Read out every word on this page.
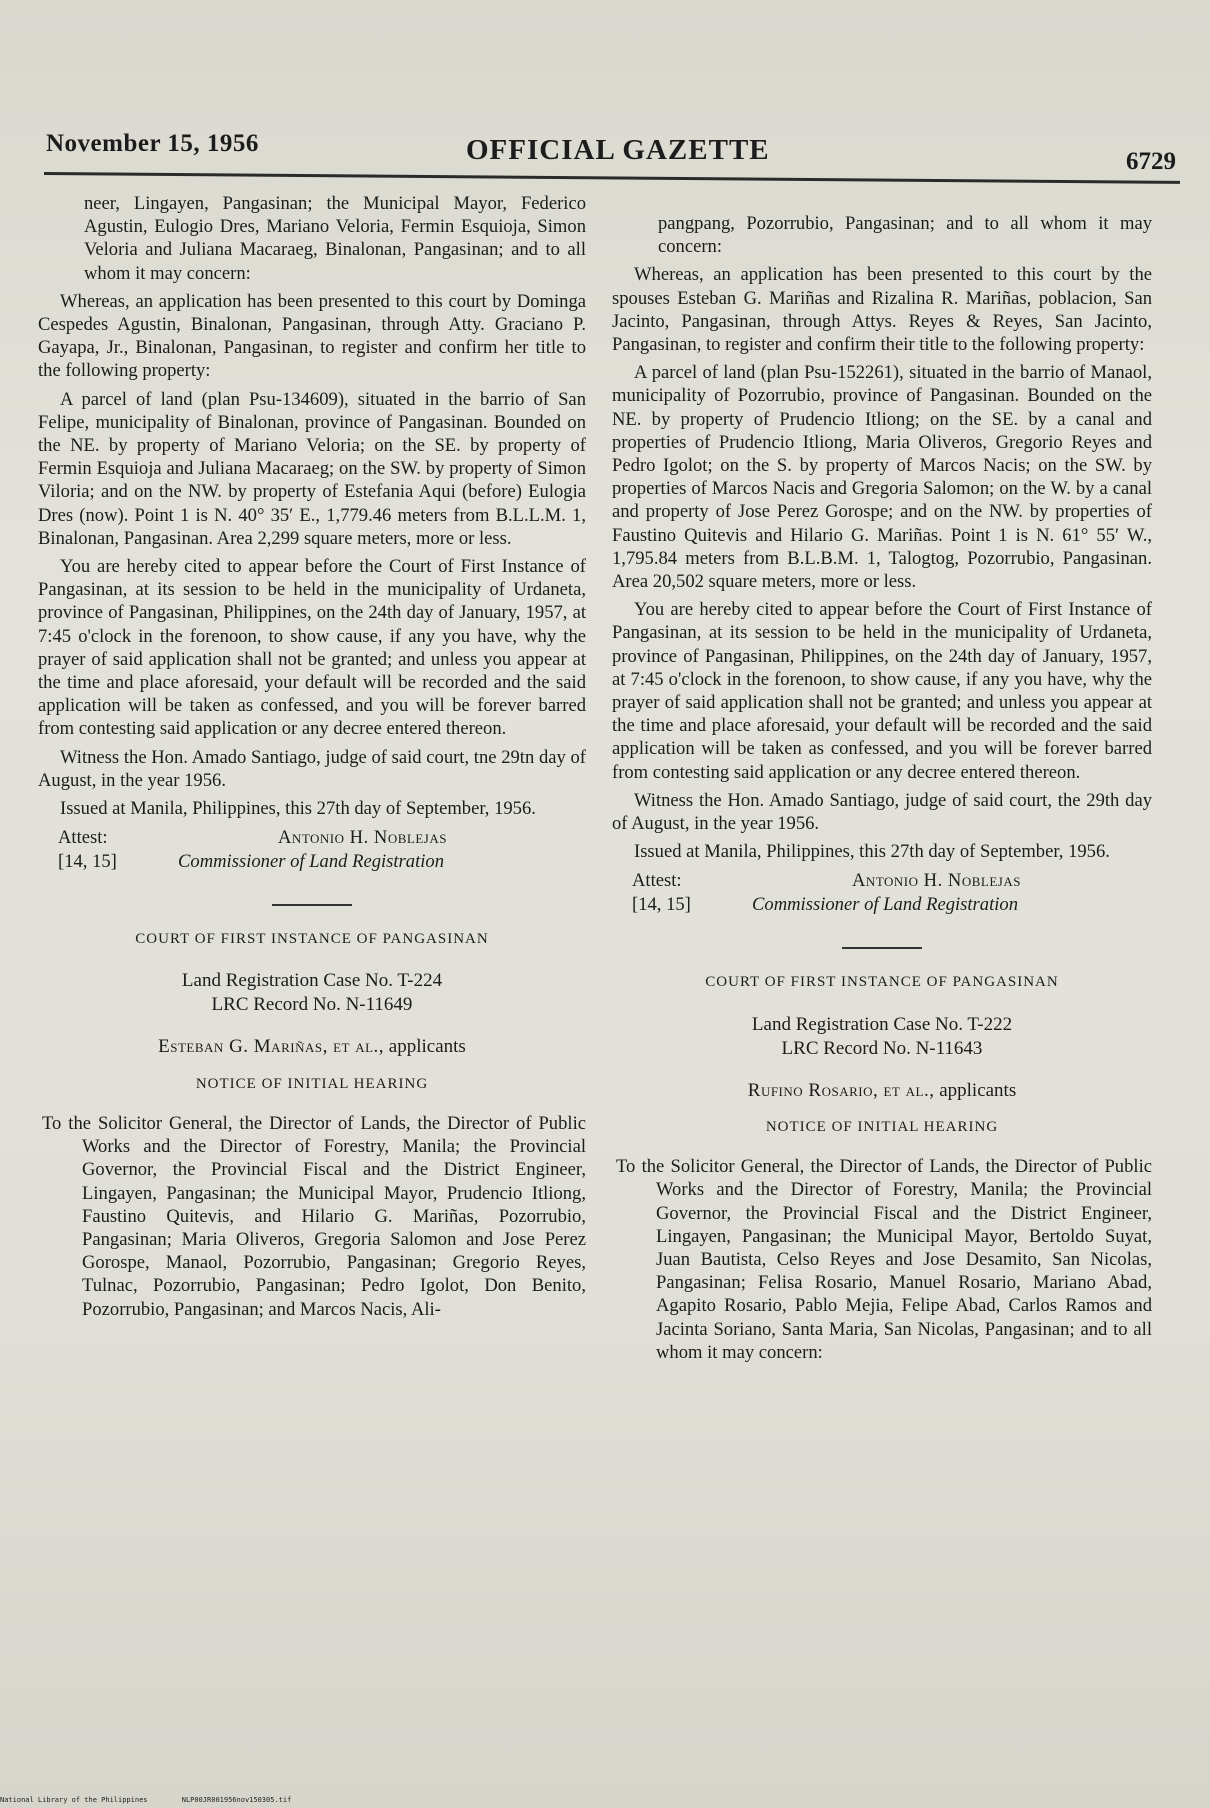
November 15, 1956	OFFICIAL GAZETTE	6729

neer, Lingayen, Pangasinan; the Municipal Mayor, Federico Agustin, Eulogio Dres, Mariano Veloria, Fermin Esquioja, Simon Veloria and Juliana Macaraeg, Binalonan, Pangasinan; and to all whom it may concern:

Whereas, an application has been presented to this court by Dominga Cespedes Agustin, Binalonan, Pangasinan, through Atty. Graciano P. Gayapa, Jr., Binalonan, Pangasinan, to register and confirm her title to the following property:

A parcel of land (plan Psu-134609), situated in the barrio of San Felipe, municipality of Binalonan, province of Pangasinan. Bounded on the NE. by property of Mariano Veloria; on the SE. by property of Fermin Esquioja and Juliana Macaraeg; on the SW. by property of Simon Viloria; and on the NW. by property of Estefania Aqui (before) Eulogia Dres (now). Point 1 is N. 40° 35′ E., 1,779.46 meters from B.L.L.M. 1, Binalonan, Pangasinan. Area 2,299 square meters, more or less.

You are hereby cited to appear before the Court of First Instance of Pangasinan, at its session to be held in the municipality of Urdaneta, province of Pangasinan, Philippines, on the 24th day of January, 1957, at 7:45 o'clock in the forenoon, to show cause, if any you have, why the prayer of said application shall not be granted; and unless you appear at the time and place aforesaid, your default will be recorded and the said application will be taken as confessed, and you will be forever barred from contesting said application or any decree entered thereon.

Witness the Hon. Amado Santiago, judge of said court, tne 29tn day of August, in the year 1956.

Issued at Manila, Philippines, this 27th day of September, 1956.

Attest:
[14, 15]
Antonio H. Noblejas
Commissioner of Land Registration
COURT OF FIRST INSTANCE OF PANGASINAN
Land Registration Case No. T-224
LRC Record No. N-11649
Esteban G. Mariñas, et al., applicants
NOTICE OF INITIAL HEARING

To the Solicitor General, the Director of Lands, the Director of Public Works and the Director of Forestry, Manila; the Provincial Governor, the Provincial Fiscal and the District Engineer, Lingayen, Pangasinan; the Municipal Mayor, Prudencio Itliong, Faustino Quitevis, and Hilario G. Mariñas, Pozorrubio, Pangasinan; Maria Oliveros, Gregoria Salomon and Jose Perez Gorospe, Manaol, Pozorrubio, Pangasinan; Gregorio Reyes, Tulnac, Pozorrubio, Pangasinan; Pedro Igolot, Don Benito, Pozorrubio, Pangasinan; and Marcos Nacis, Ali-

pangpang, Pozorrubio, Pangasinan; and to all whom it may concern:

Whereas, an application has been presented to this court by the spouses Esteban G. Mariñas and Rizalina R. Mariñas, poblacion, San Jacinto, Pangasinan, through Attys. Reyes & Reyes, San Jacinto, Pangasinan, to register and confirm their title to the following property:

A parcel of land (plan Psu-152261), situated in the barrio of Manaol, municipality of Pozorrubio, province of Pangasinan. Bounded on the NE. by property of Prudencio Itliong; on the SE. by a canal and properties of Prudencio Itliong, Maria Oliveros, Gregorio Reyes and Pedro Igolot; on the S. by property of Marcos Nacis; on the SW. by properties of Marcos Nacis and Gregoria Salomon; on the W. by a canal and property of Jose Perez Gorospe; and on the NW. by properties of Faustino Quitevis and Hilario G. Mariñas. Point 1 is N. 61° 55′ W., 1,795.84 meters from B.L.B.M. 1, Talogtog, Pozorrubio, Pangasinan. Area 20,502 square meters, more or less.

You are hereby cited to appear before the Court of First Instance of Pangasinan, at its session to be held in the municipality of Urdaneta, province of Pangasinan, Philippines, on the 24th day of January, 1957, at 7:45 o'clock in the forenoon, to show cause, if any you have, why the prayer of said application shall not be granted; and unless you appear at the time and place aforesaid, your default will be recorded and the said application will be taken as confessed, and you will be forever barred from contesting said application or any decree entered thereon.

Witness the Hon. Amado Santiago, judge of said court, the 29th day of August, in the year 1956.

Issued at Manila, Philippines, this 27th day of September, 1956.

Attest:
[14, 15]
Antonio H. Noblejas
Commissioner of Land Registration
COURT OF FIRST INSTANCE OF PANGASINAN
Land Registration Case No. T-222
LRC Record No. N-11643
Rufino Rosario, et al., applicants
NOTICE OF INITIAL HEARING

To the Solicitor General, the Director of Lands, the Director of Public Works and the Director of Forestry, Manila; the Provincial Governor, the Provincial Fiscal and the District Engineer, Lingayen, Pangasinan; the Municipal Mayor, Bertoldo Suyat, Juan Bautista, Celso Reyes and Jose Desamito, San Nicolas, Pangasinan; Felisa Rosario, Manuel Rosario, Mariano Abad, Agapito Rosario, Pablo Mejia, Felipe Abad, Carlos Ramos and Jacinta Soriano, Santa Maria, San Nicolas, Pangasinan; and to all whom it may concern:

National Library of the Philippines	NLP00JR001956nov150305.tif
